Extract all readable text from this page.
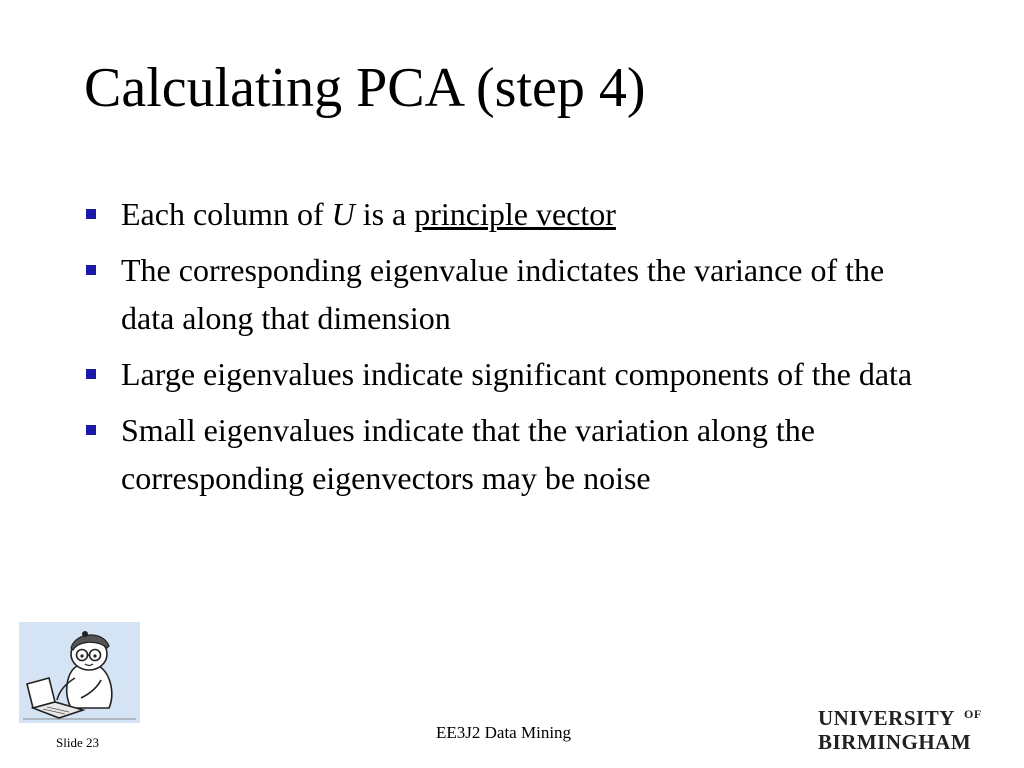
Calculating PCA (step 4)
Each column of U is a principle vector
The corresponding eigenvalue indictates the variance of the data along that dimension
Large eigenvalues indicate significant components of the data
Small eigenvalues indicate that the variation along the corresponding eigenvectors may be noise
Slide 23
EE3J2 Data Mining
UNIVERSITY OF
BIRMINGHAM
